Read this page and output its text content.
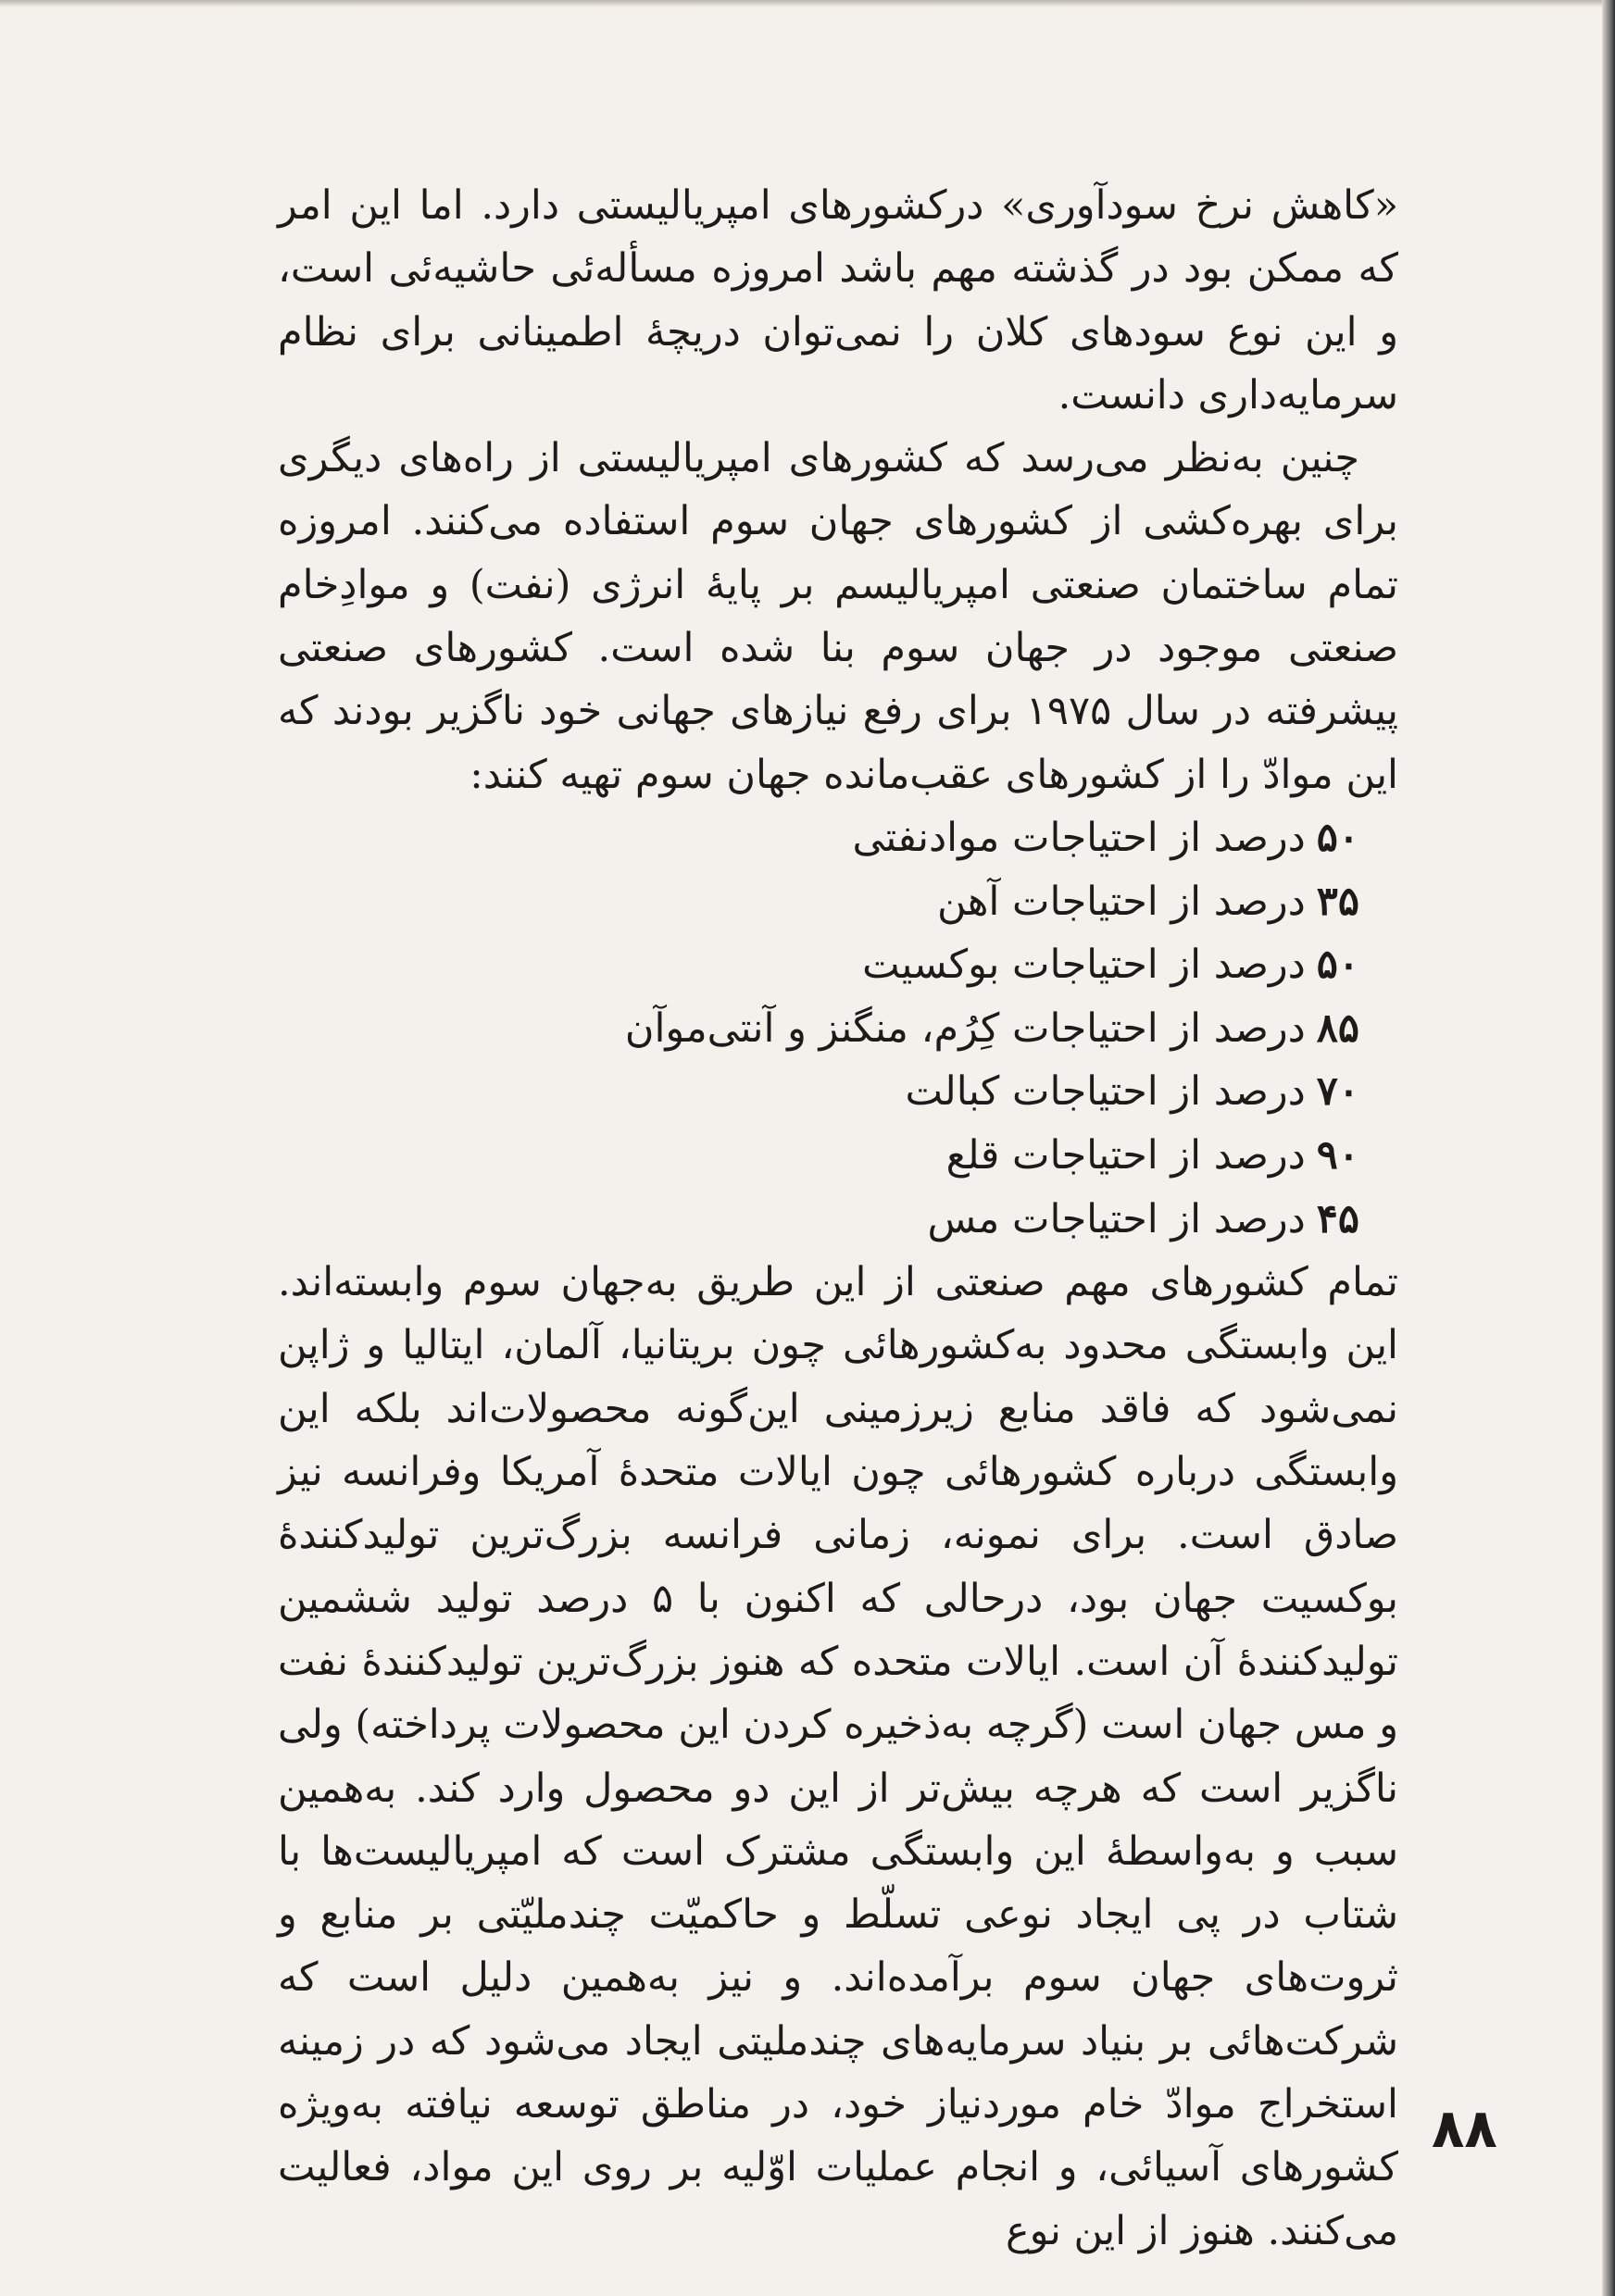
«کاهش نرخ سودآوری» درکشورهای امپریالیستی دارد. اما این امر که ممکن بود در گذشته مهم باشد امروزه مسأله‌ئی حاشیه‌ئی است، و این نوع سودهای کلان را نمی‌توان دریچهٔ اطمینانی برای نظام سرمایه‌داری دانست.

چنین به‌نظر می‌رسد که کشورهای امپریالیستی از راه‌های دیگری برای بهره‌کشی از کشورهای جهان سوم استفاده می‌کنند. امروزه تمام ساختمان صنعتی امپریالیسم بر پایهٔ انرژی (نفت) و موادِخام صنعتی موجود در جهان سوم بنا شده است. کشورهای صنعتی پیشرفته در سال ۱۹۷۵ برای رفع نیازهای جهانی خود ناگزیر بودند که این موادّ را از کشورهای عقب‌مانده جهان سوم تهیه کنند:

۵۰درصد از احتیاجات موادنفتی
۳۵درصد از احتیاجات آهن
۵۰درصد از احتیاجات بوکسیت
۸۵درصد از احتیاجات کِرُم، منگنز و آنتی‌موآن
۷۰درصد از احتیاجات کبالت
۹۰درصد از احتیاجات قلع
۴۵درصد از احتیاجات مس

تمام کشورهای مهم صنعتی از این طریق به‌جهان سوم وابسته‌اند. این وابستگی محدود به‌کشورهائی چون بریتانیا، آلمان، ایتالیا و ژاپن نمی‌شود که فاقد منابع زیرزمینی این‌گونه محصولات‌اند بلکه این وابستگی درباره کشورهائی چون ایالات متحدهٔ آمریکا وفرانسه نیز صادق است. برای نمونه، زمانی فرانسه بزرگ‌ترین تولیدکنندهٔ بوکسیت جهان بود، درحالی که اکنون با ۵ درصد تولید ششمین تولیدکنندهٔ آن است. ایالات متحده که هنوز بزرگ‌ترین تولیدکنندهٔ نفت و مس جهان است (گرچه به‌ذخیره کردن این محصولات پرداخته) ولی ناگزیر است که هرچه بیش‌تر از این دو محصول وارد کند. به‌همین سبب و به‌واسطهٔ این وابستگی مشترک است که امپریالیست‌ها با شتاب در پی ایجاد نوعی تسلّط و حاکمیّت چندملیّتی بر منابع و ثروت‌های جهان سوم برآمده‌اند. و نیز به‌همین دلیل است که شرکت‌هائی بر بنیاد سرمایه‌های چندملیتی ایجاد می‌شود که در زمینه استخراج موادّ خام موردنیاز خود، در مناطق توسعه نیافته به‌ویژه کشورهای آسیائی، و انجام عملیات اوّلیه بر روی این مواد، فعالیت می‌کنند. هنوز از این نوع

۸۸
